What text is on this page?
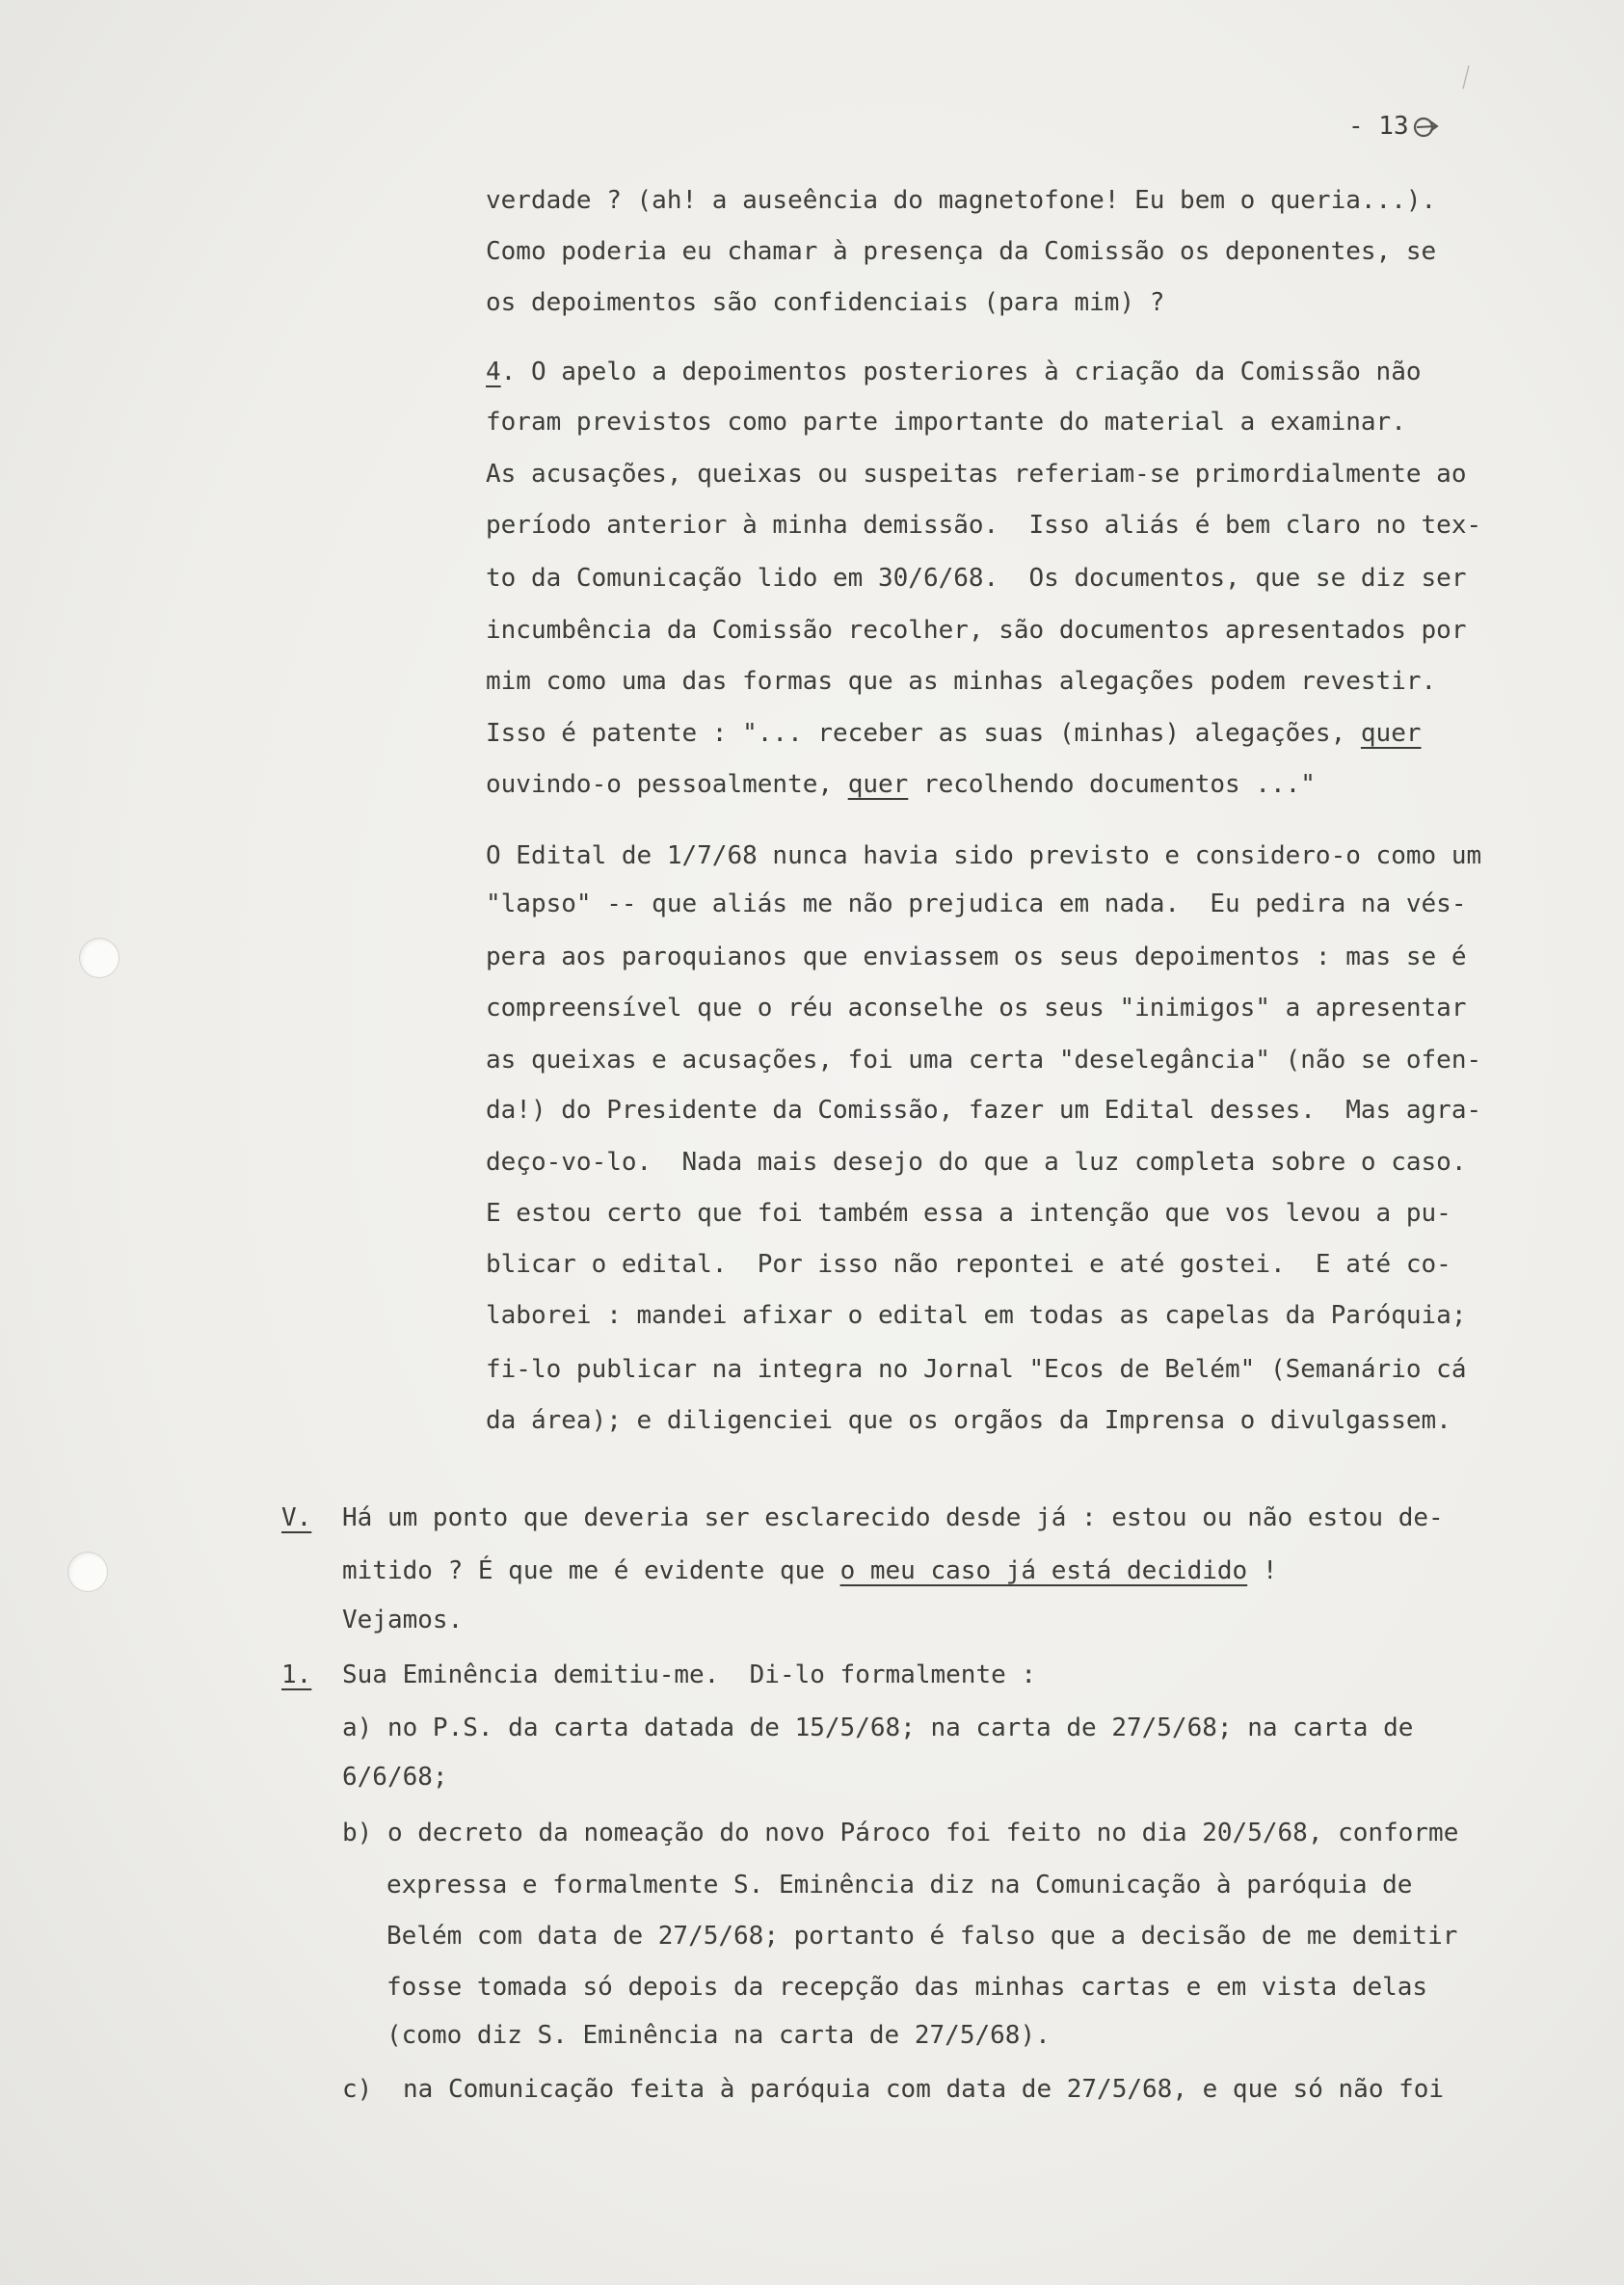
- 13
verdade ? (ah! a auseência do magnetofone! Eu bem o queria...).
Como poderia eu chamar à presença da Comissão os deponentes, se
os depoimentos são confidenciais (para mim) ?
4. O apelo a depoimentos posteriores à criação da Comissão não
foram previstos como parte importante do material a examinar.
As acusações, queixas ou suspeitas referiam-se primordialmente ao
período anterior à minha demissão.  Isso aliás é bem claro no tex-
to da Comunicação lido em 30/6/68.  Os documentos, que se diz ser
incumbência da Comissão recolher, são documentos apresentados por
mim como uma das formas que as minhas alegações podem revestir.
Isso é patente : "... receber as suas (minhas) alegações, quer
ouvindo-o pessoalmente, quer recolhendo documentos ..."
O Edital de 1/7/68 nunca havia sido previsto e considero-o como um
"lapso" -- que aliás me não prejudica em nada.  Eu pedira na vés-
pera aos paroquianos que enviassem os seus depoimentos : mas se é
compreensível que o réu aconselhe os seus "inimigos" a apresentar
as queixas e acusações, foi uma certa "deselegância" (não se ofen-
da!) do Presidente da Comissão, fazer um Edital desses.  Mas agra-
deço-vo-lo.  Nada mais desejo do que a luz completa sobre o caso.
E estou certo que foi também essa a intenção que vos levou a pu-
blicar o edital.  Por isso não repontei e até gostei.  E até co-
laborei : mandei afixar o edital em todas as capelas da Paróquia;
fi-lo publicar na integra no Jornal "Ecos de Belém" (Semanário cá
da área); e diligenciei que os orgãos da Imprensa o divulgassem.
V. Há um ponto que deveria ser esclarecido desde já : estou ou não estou de-
mitido ? É que me é evidente que o meu caso já está decidido !
Vejamos.
1. Sua Eminência demitiu-me.  Di-lo formalmente :
a) no P.S. da carta datada de 15/5/68; na carta de 27/5/68; na carta de
6/6/68;
b) o decreto da nomeação do novo Pároco foi feito no dia 20/5/68, conforme
expressa e formalmente S. Eminência diz na Comunicação à paróquia de
Belém com data de 27/5/68; portanto é falso que a decisão de me demitir
fosse tomada só depois da recepção das minhas cartas e em vista delas
(como diz S. Eminência na carta de 27/5/68).
c) na Comunicação feita à paróquia com data de 27/5/68, e que só não foi
